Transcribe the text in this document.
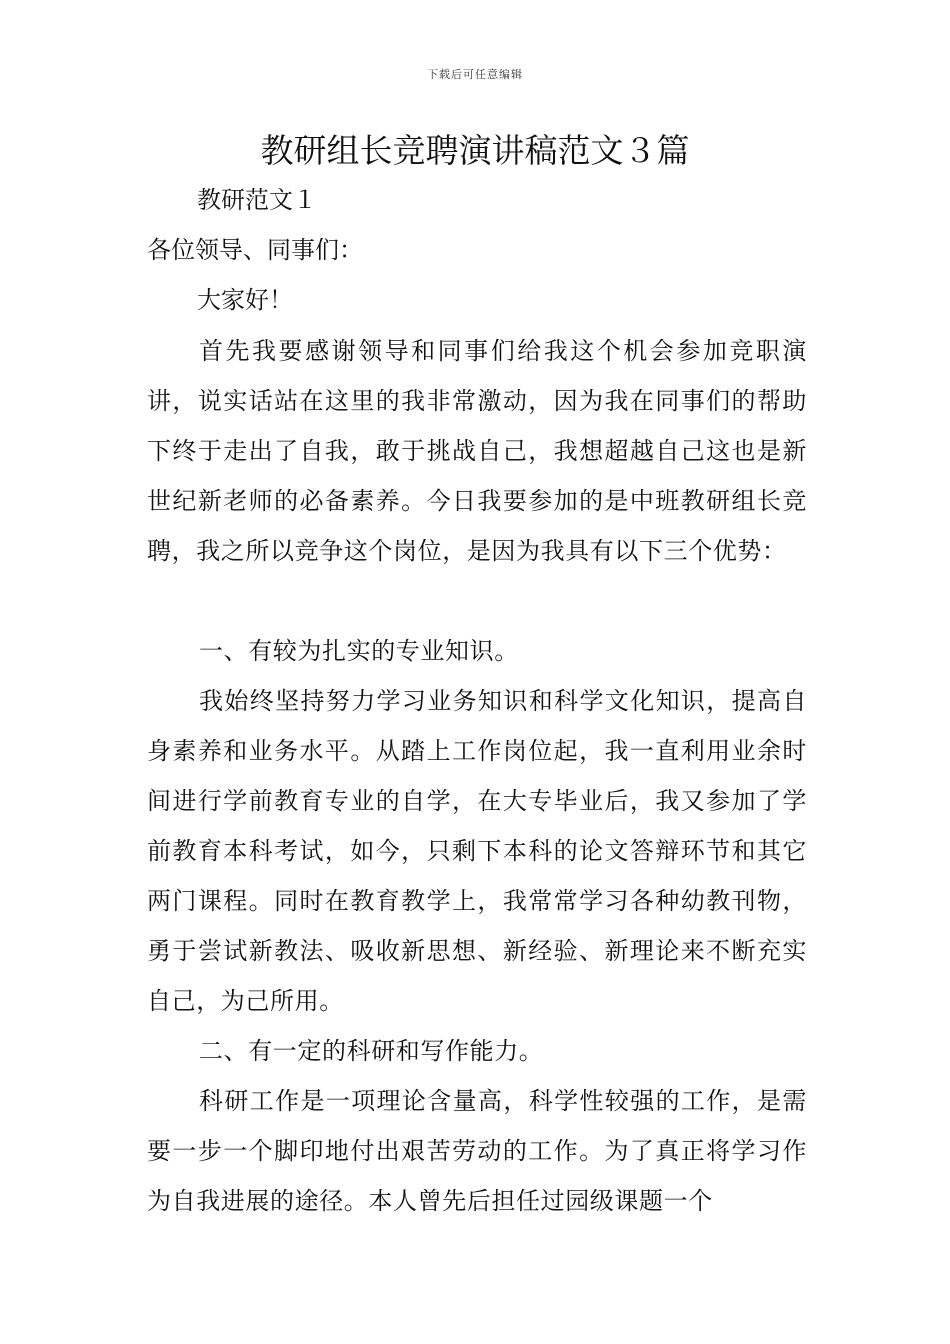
下载后可任意编辑
教研组长竞聘演讲稿范文３篇
教研范文１
各位领导、同事们：
大家好！

首先我要感谢领导和同事们给我这个机会参加竞职演讲，说实话站在这里的我非常激动，因为我在同事们的帮助下终于走出了自我，敢于挑战自己，我想超越自己这也是新世纪新老师的必备素养。今日我要参加的是中班教研组长竞聘，我之所以竞争这个岗位，是因为我具有以下三个优势：

一、有较为扎实的专业知识。

我始终坚持努力学习业务知识和科学文化知识，提高自身素养和业务水平。从踏上工作岗位起，我一直利用业余时间进行学前教育专业的自学，在大专毕业后，我又参加了学前教育本科考试，如今，只剩下本科的论文答辩环节和其它两门课程。同时在教育教学上，我常常学习各种幼教刊物，勇于尝试新教法、吸收新思想、新经验、新理论来不断充实自己，为己所用。

二、有一定的科研和写作能力。

科研工作是一项理论含量高，科学性较强的工作，是需要一步一个脚印地付出艰苦劳动的工作。为了真正将学习作为自我进展的途径。本人曾先后担任过园级课题一个
